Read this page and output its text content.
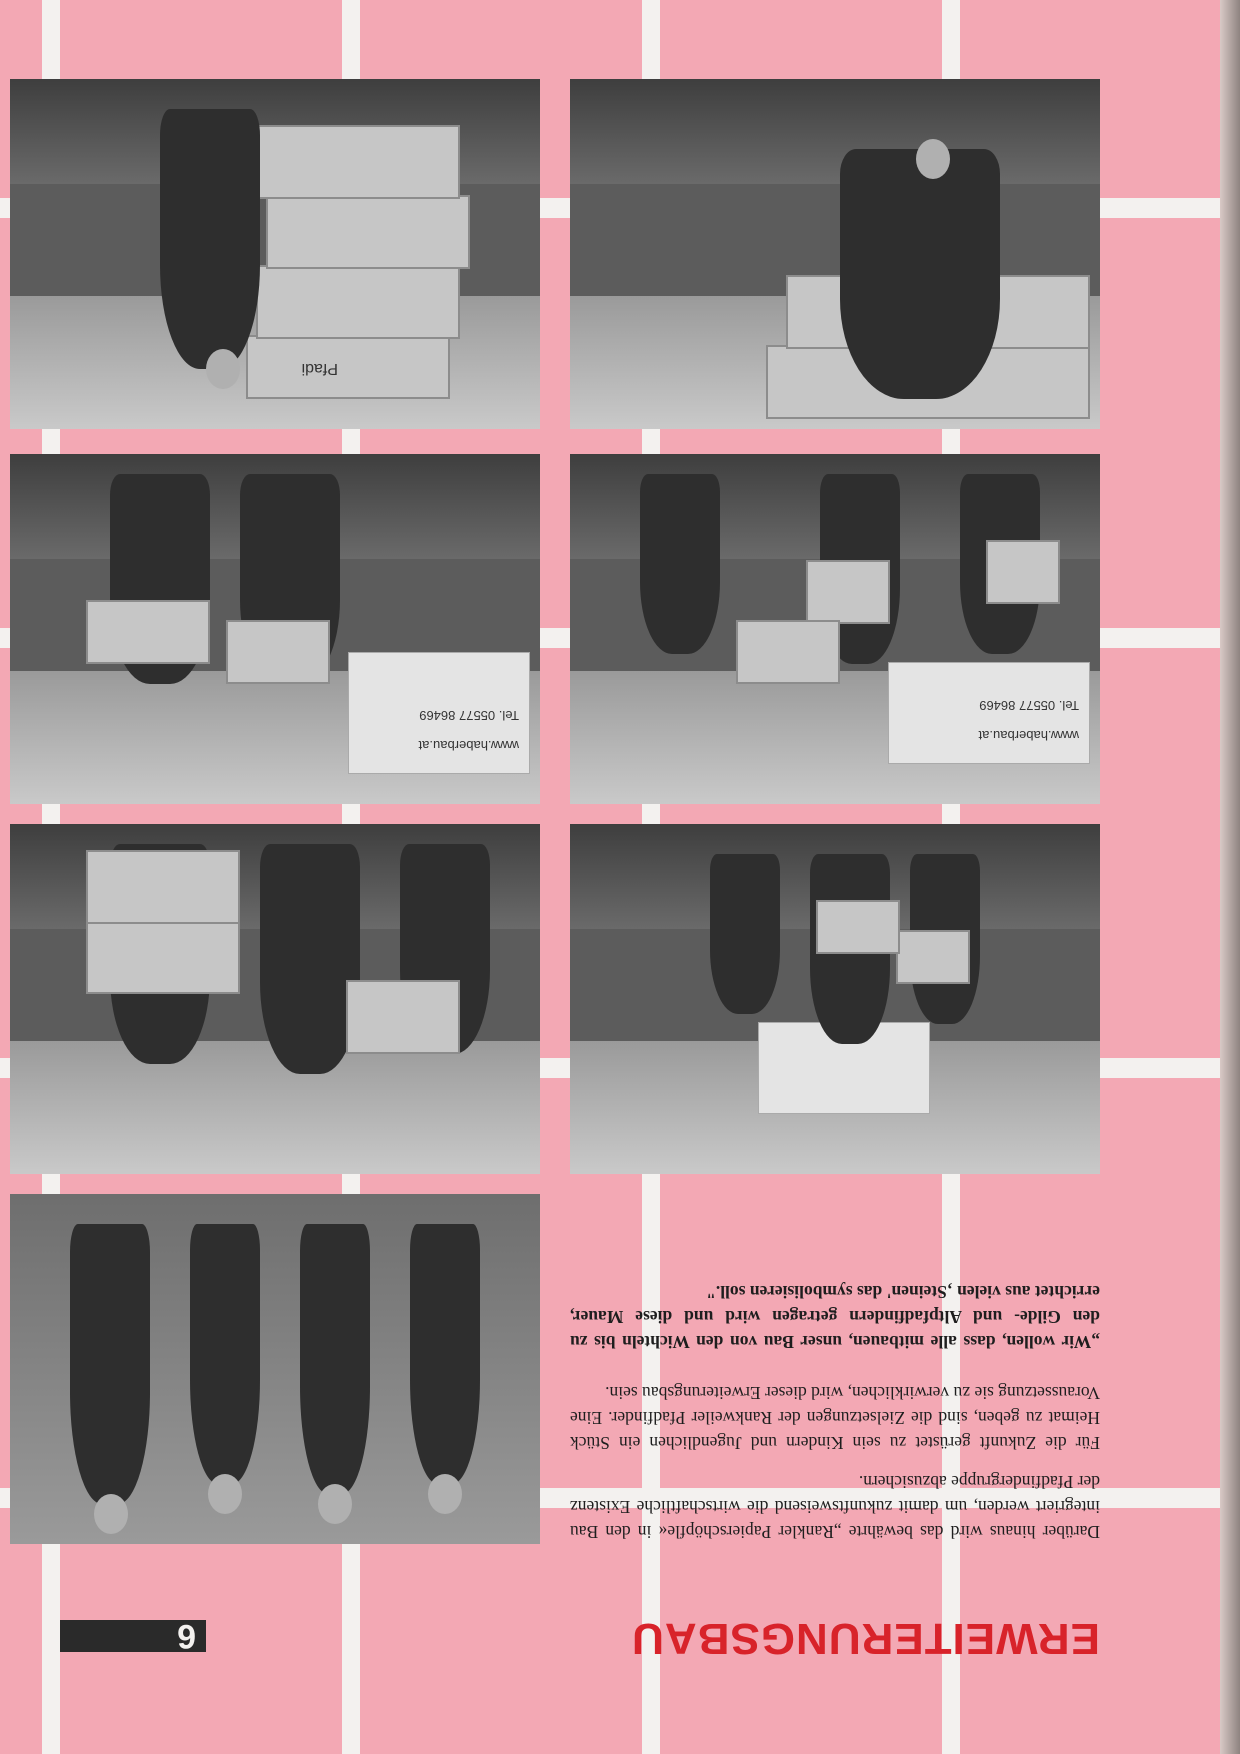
ERWEITERUNGSBAU
6

Darüber hinaus wird das bewährte „Rankler Papierschöpfle« in den Bau integriert werden, um damit zukunftsweisend die wirtschaftliche Existenz der Pfadfindergruppe abzusichern.

Für die Zukunft gerüstet zu sein Kindern und Jugendlichen ein Stück Heimat zu geben, sind die Zielsetzungen der Rankweiler Pfadfinder. Eine Voraussetzung sie zu verwirklichen, wird dieser Erweiterungsbau sein.

„Wir wollen, dass alle mitbauen, unser Bau von den Wichteln bis zu den Gilde- und Altpfadfindern getragen wird und diese Mauer, errichtet aus vielen ‚Steinen' das symbolisieren soll."

www.haberbau.at
Tel. 05577 86469
www.haberbau.at
Tel. 05577 86469
Pfadi
